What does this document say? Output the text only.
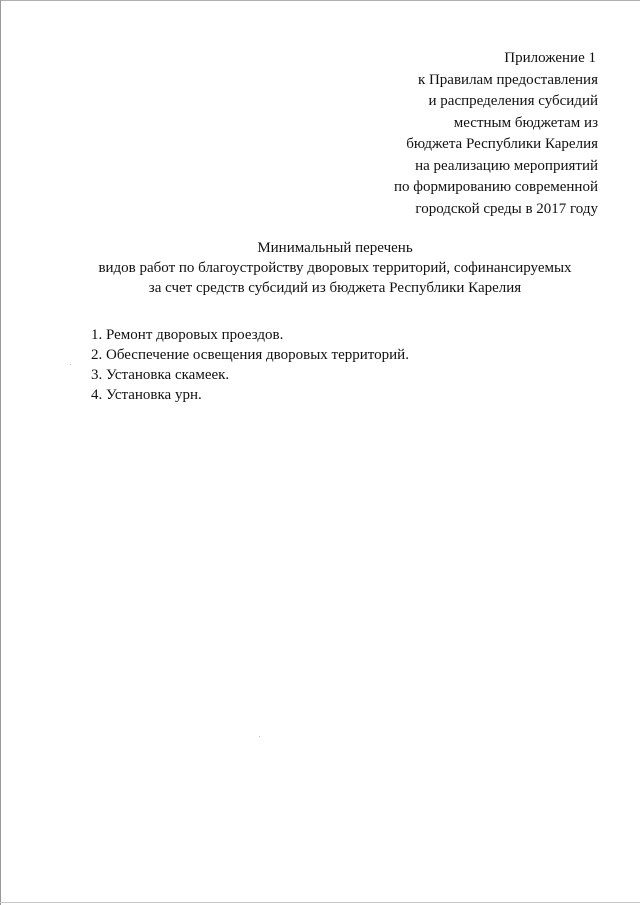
Приложение 1
к Правилам предоставления
и распределения субсидий
местным бюджетам из
бюджета Республики Карелия
на реализацию мероприятий
по формированию современной
городской среды в 2017 году
Минимальный перечень
видов работ по благоустройству дворовых территорий, софинансируемых
за счет средств субсидий из бюджета Республики Карелия
1. Ремонт дворовых проездов.
2. Обеспечение освещения дворовых территорий.
3. Установка скамеек.
4. Установка урн.
